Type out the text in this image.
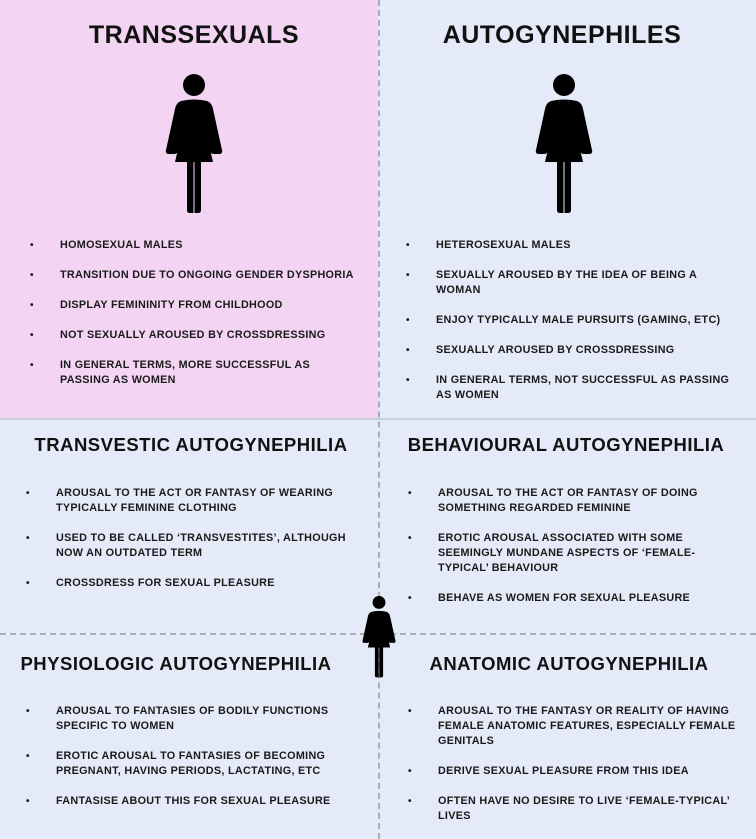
TRANSSEXUALS
• HOMOSEXUAL MALES
• TRANSITION DUE TO ONGOING GENDER DYSPHORIA
• DISPLAY FEMININITY FROM CHILDHOOD
• NOT SEXUALLY AROUSED BY CROSSDRESSING
• IN GENERAL TERMS, MORE SUCCESSFUL AS PASSING AS WOMEN
AUTOGYNEPHILES
• HETEROSEXUAL MALES
• SEXUALLY AROUSED BY THE IDEA OF BEING A WOMAN
• ENJOY TYPICALLY MALE PURSUITS (GAMING, ETC)
• SEXUALLY AROUSED BY CROSSDRESSING
• IN GENERAL TERMS, NOT SUCCESSFUL AS PASSING AS WOMEN
TRANSVESTIC AUTOGYNEPHILIA
• AROUSAL TO THE ACT OR FANTASY OF WEARING TYPICALLY FEMININE CLOTHING
• USED TO BE CALLED ‘TRANSVESTITES’, ALTHOUGH NOW AN OUTDATED TERM
• CROSSDRESS FOR SEXUAL PLEASURE
BEHAVIOURAL AUTOGYNEPHILIA
• AROUSAL TO THE ACT OR FANTASY OF DOING SOMETHING REGARDED FEMININE
• EROTIC AROUSAL ASSOCIATED WITH SOME SEEMINGLY MUNDANE ASPECTS OF ‘FEMALE-TYPICAL’ BEHAVIOUR
• BEHAVE AS WOMEN FOR SEXUAL PLEASURE
PHYSIOLOGIC AUTOGYNEPHILIA
• AROUSAL TO FANTASIES OF BODILY FUNCTIONS SPECIFIC TO WOMEN
• EROTIC AROUSAL TO FANTASIES OF BECOMING PREGNANT, HAVING PERIODS, LACTATING, ETC
• FANTASISE ABOUT THIS FOR SEXUAL PLEASURE
ANATOMIC AUTOGYNEPHILIA
• AROUSAL TO THE FANTASY OR REALITY OF HAVING FEMALE ANATOMIC FEATURES, ESPECIALLY FEMALE GENITALS
• DERIVE SEXUAL PLEASURE FROM THIS IDEA
• OFTEN HAVE NO DESIRE TO LIVE ‘FEMALE-TYPICAL’ LIVES
